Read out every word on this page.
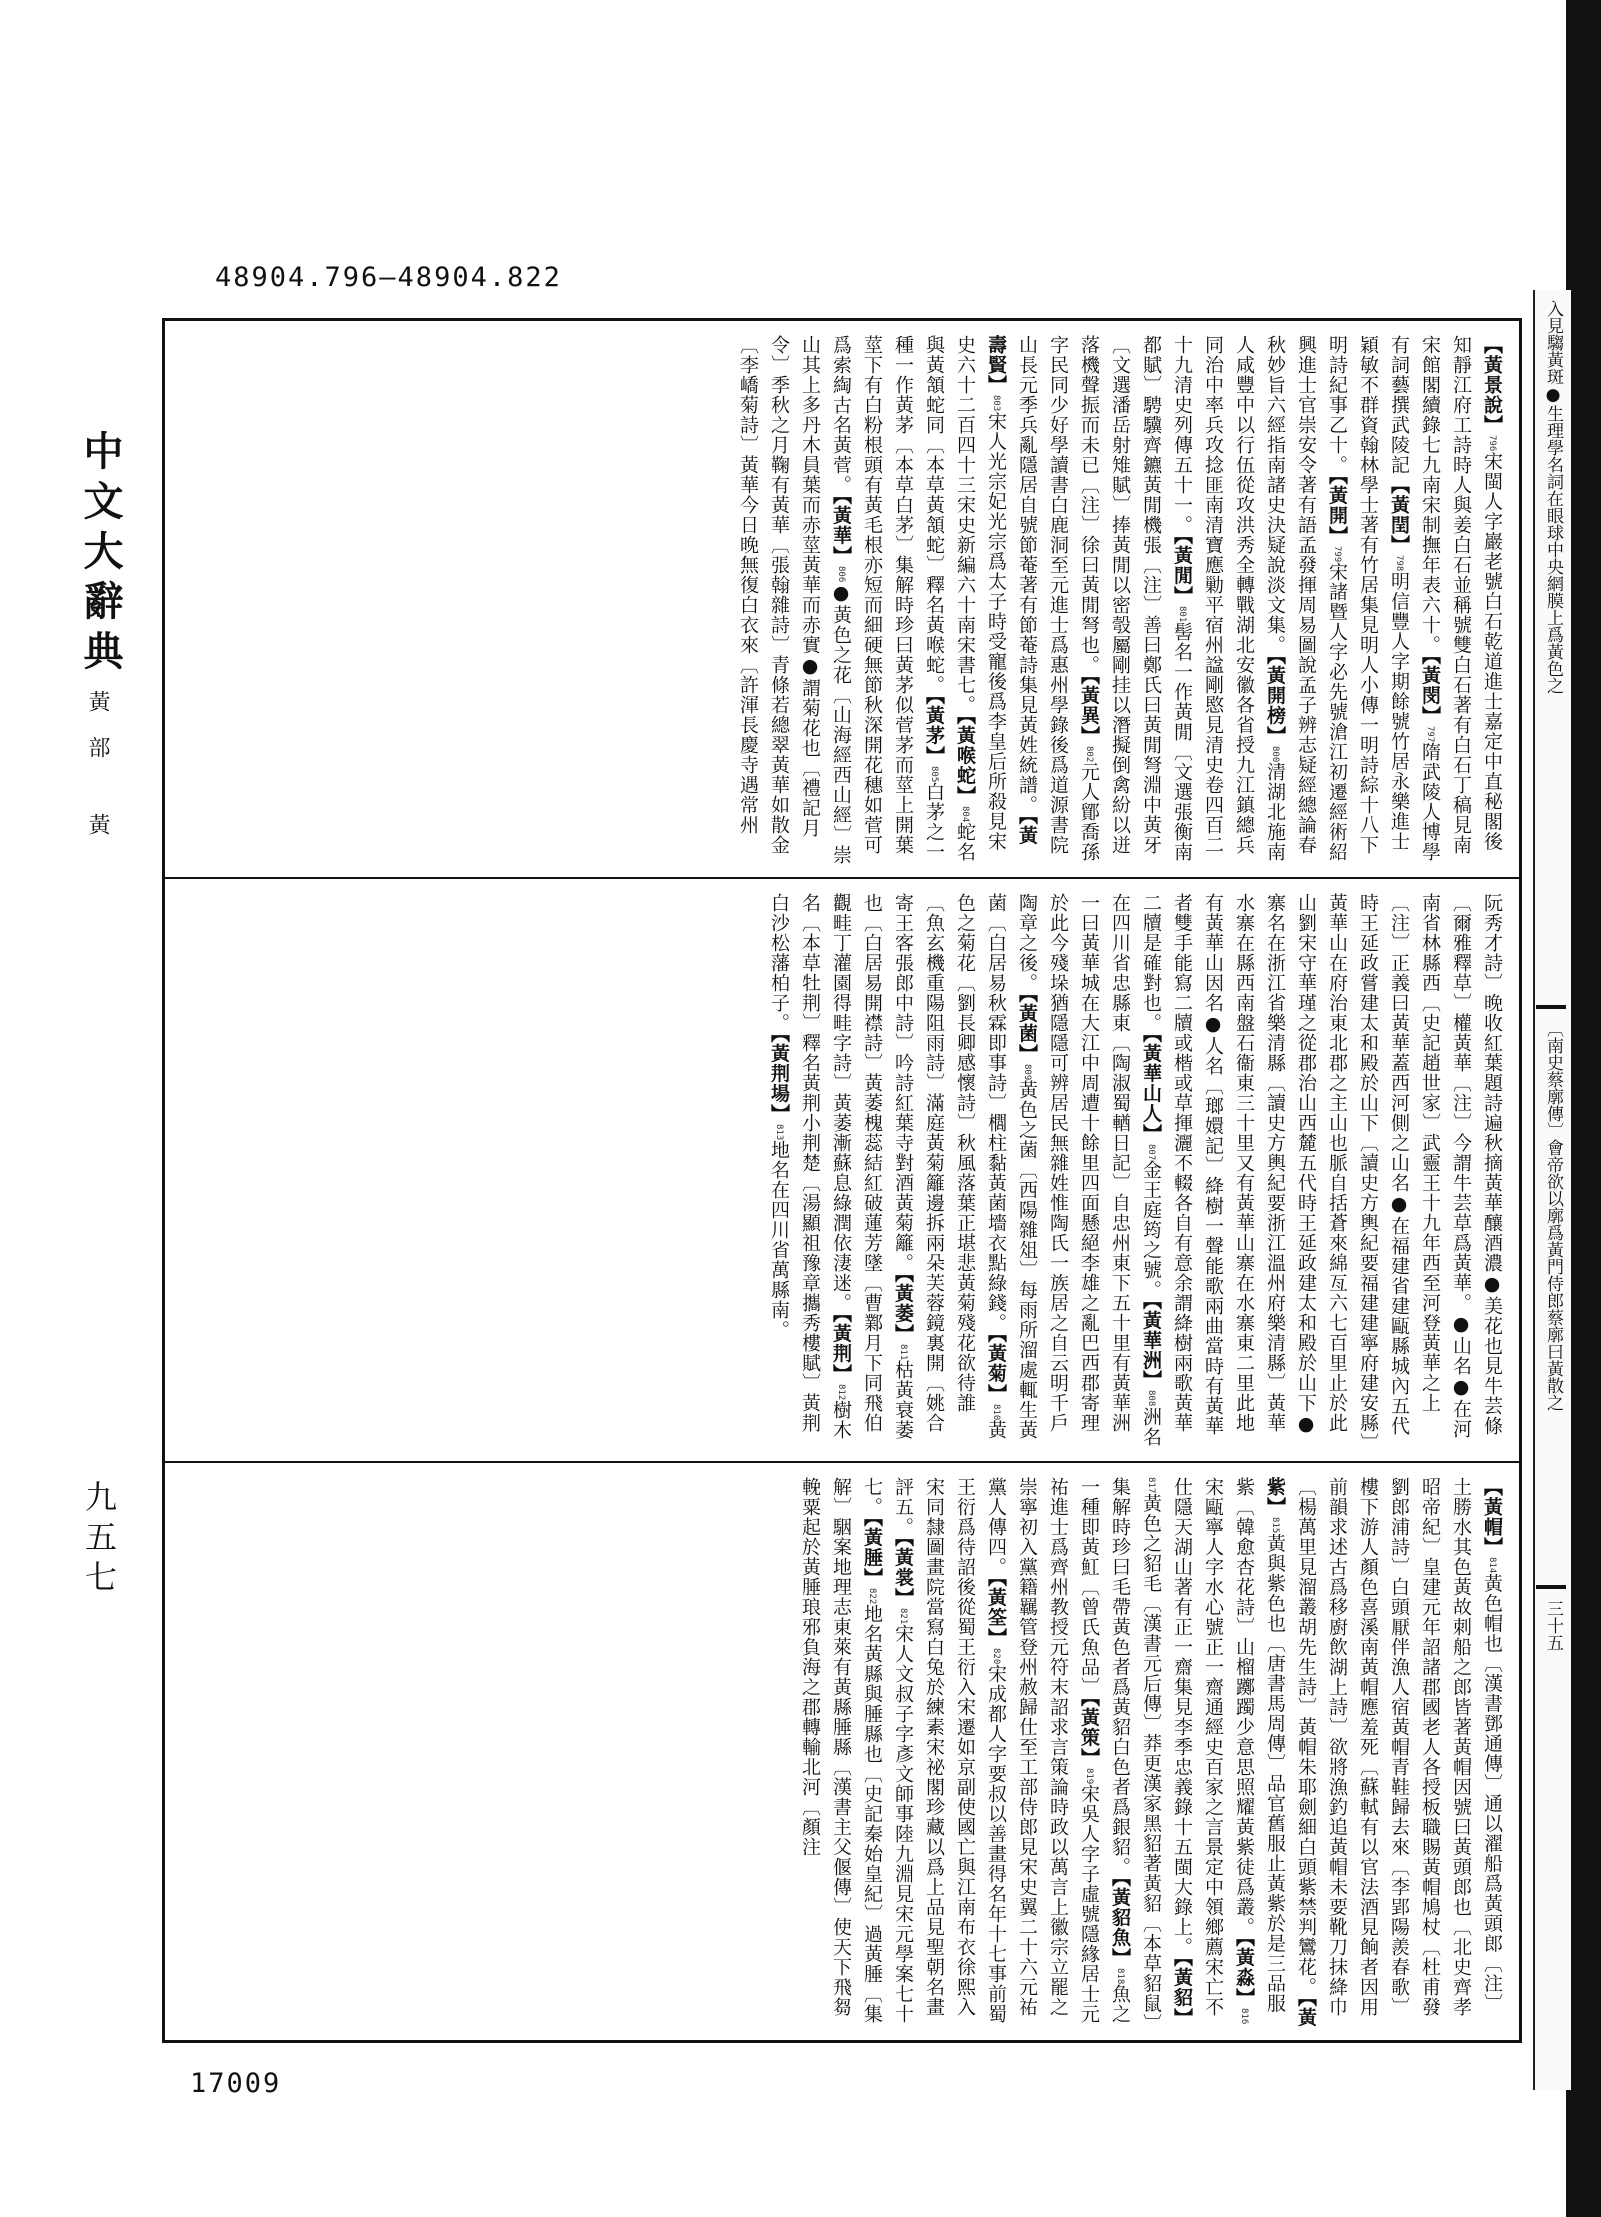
入見騶黃斑●生理學名詞在眼球中央網膜上爲黃色之
〔南史蔡廓傳〕會帝欲以廓爲黃門侍郎蔡廓曰黃散之
三十五
48904.796—48904.822
中文大辭典
黃部 黃
九五七
【 黃景說 】796宋閩人字巖老號白石乾道進士嘉定中直秘閣後知靜江府工詩時人與姜白石並稱號雙白石著有白石丁稿見南宋館閣續錄七九南宋制撫年表六十。【 黃閔 】797隋武陵人博學有詞藝撰武陵記【 黃閏 】798明信豐人字期餘號竹居永樂進士穎敏不群資翰林學士著有竹居集見明人小傳一明詩綜十八下明詩紀事乙十。【 黃開 】799宋諸暨人字必先號滄江初遷經術紹興進士官崇安令著有語孟發揮周易圖說孟子辨志疑經總論春秋妙旨六經指南諸史決疑說淡文集。【 黃開榜 】800清湖北施南人咸豐中以行伍從攻洪秀全轉戰湖北安徽各省授九江鎮總兵同治中率兵攻捻匪南清寶應勦平宿州諡剛愍見清史卷四百二十九清史列傳五十一。【 黃閒 】801髻名一作黃閒〔文選張衡南都賦〕騁驥齊鑣黃閒機張〔注〕善曰鄭氏曰黃閒弩淵中黃牙〔文選潘岳射雉賦〕捧黃閒以密彀屬剛挂以潛擬倒禽紛以迸落機聲振而未已〔注〕徐曰黃閒弩也。【 黃異 】802元人鄮喬孫字民同少好學讀書白鹿洞至元進士爲惠州學錄後爲道源書院山長元季兵亂隱居自號節菴著有節菴詩集見黃姓統譜。【 黃壽賢 】803宋人光宗妃光宗爲太子時受寵後爲李皇后所殺見宋史六十二百四十三宋史新編六十南宋書七。【 黃喉蛇 】804蛇名與黃頷蛇同〔本草黃頷蛇〕釋名黃喉蛇。【 黃茅 】805白茅之一種一作黃茅〔本草白茅〕集解時珍曰黃茅似菅茅而莖上開葉莖下有白粉根頭有黃毛根亦短而細硬無節秋深開花穗如菅可爲索綯古名黃菅。【 黃華 】806●黃色之花〔山海經西山經〕崇山其上多丹木員葉而赤莖黃華而赤實●謂菊花也〔禮記月令〕季秋之月鞠有黃華〔張翰雜詩〕青條若總翠黃華如散金〔李嶠菊詩〕黃華今日晚無復白衣來〔許渾長慶寺遇常州
阮秀才詩〕晚收紅葉題詩遍秋摘黃華釀酒濃●美花也見牛芸條〔爾雅釋草〕權黃華〔注〕今謂牛芸草爲黃華。●山名●在河南省林縣西〔史記趙世家〕武靈王十九年西至河登黃華之上〔注〕正義曰黃華蓋西河側之山名●在福建省建甌縣城內五代時王延政嘗建太和殿於山下〔讀史方輿紀要福建建寧府建安縣〕黃華山在府治東北郡之主山也脈自括蒼來綿亙六七百里止於此山劉宋守華瑾之從郡治山西麓五代時王延政建太和殿於山下●寨名在浙江省樂清縣〔讀史方輿紀要浙江溫州府樂清縣〕黃華水寨在縣西南盤石衞東三十里又有黃華山寨在水寨東二里此地有黃華山因名●人名〔瑯嬛記〕絳樹一聲能歌兩曲當時有黃華者雙手能寫二牘或楷或草揮灑不輟各自有意余謂絳樹兩歌黃華二牘是確對也。【 黃華山人 】807金王庭筠之號。【 黃華洲 】808洲名在四川省忠縣東〔陶淑蜀輶日記〕自忠州東下五十里有黃華洲一曰黃華城在大江中周遭十餘里四面懸絕李雄之亂巴西郡寄理於此今殘垛猶隱隱可辨居民無雜姓惟陶氏一族居之自云明千戶陶章之後。【 黃菌 】809黃色之菌〔西陽雜俎〕每雨所溜處輒生黃菌〔白居易秋霖即事詩〕櫚柱黏黃菌墻衣點綠錢。【 黃菊 】810黃色之菊花〔劉長卿感懷詩〕秋風落葉正堪悲黃菊殘花欲待誰〔魚玄機重陽阻雨詩〕滿庭黃菊籬邊拆兩朵芙蓉鏡裏開〔姚合寄王客張郎中詩〕吟詩紅葉寺對酒黃菊籬。【 黃萎 】811枯黃衰萎也〔白居易開襟詩〕黃萎槐蕊結紅破蓮芳墜〔曹鄴月下同飛伯觀畦丁灌園得畦字詩〕黃萎漸蘇息綠潤依淒迷。【 黃荆 】812樹木名〔本草牡荆〕釋名黃荆小荆楚〔湯顯祖豫章攜秀樓賦〕黃荆白沙松藩柏子。【 黃荆場 】813地名在四川省萬縣南。
【 黃帽 】814黃色帽也〔漢書鄧通傳〕通以濯船爲黃頭郎〔注〕土勝水其色黃故刺船之郎皆著黃帽因號曰黃頭郎也〔北史齊孝昭帝紀〕皇建元年詔諸郡國老人各授板職賜黃帽鳩杖〔杜甫發劉郎浦詩〕白頭厭伴漁人宿黃帽青鞋歸去來〔李郢陽羨春歌〕樓下游人顏色喜溪南黃帽應羞死〔蘇軾有以官法酒見餉者因用前韻求述古爲移廚飲湖上詩〕欲將漁釣追黃帽未要靴刀抹絳巾〔楊萬里見溜叢胡先生詩〕黃帽朱耶劍細白頭紫禁判鸞花。【 黃紫 】815黃與紫色也〔唐書馬周傳〕品官舊服止黃紫於是三品服紫〔韓愈杏花詩〕山榴躑躅少意思照耀黃紫徒爲叢。【 黃淼 】816宋甌寧人字水心號正一齋通經史百家之言景定中領鄉薦宋亡不仕隱天湖山著有正一齋集見李季忠義錄十五閩大錄上。【 黃貂 】817黃色之貂毛〔漢書元后傳〕莽更漢家黑貂著黃貂〔本草貂鼠〕集解時珍曰毛帶黃色者爲黃貂白色者爲銀貂。【 黃貂魚 】818魚之一種即黃魟〔曾氏魚品〕【 黃策 】819宋吳人字子虛號隱緣居士元祐進士爲齊州教授元符末詔求言策論時政以萬言上徽宗立罷之崇寧初入黨籍羈管登州赦歸仕至工部侍郎見宋史翼二十六元祐黨人傳四。【 黃筌 】820宋成都人字要叔以善畫得名年十七事前蜀王衍爲待詔後從蜀王衍入宋遷如京副使國亡與江南布衣徐熙入宋同隸圖畫院當寫白兔於練素宋祕閣珍藏以爲上品見聖朝名畫評五。【 黃裳 】821宋人文叔子字彥文師事陸九淵見宋元學案七十七。【 黃腄 】822地名黃縣與腄縣也〔史記秦始皇紀〕過黃腄〔集解〕駰案地理志東萊有黃縣腄縣〔漢書主父偃傳〕使天下飛芻輓粟起於黃腄琅邪負海之郡轉輸北河〔顏注
17009
